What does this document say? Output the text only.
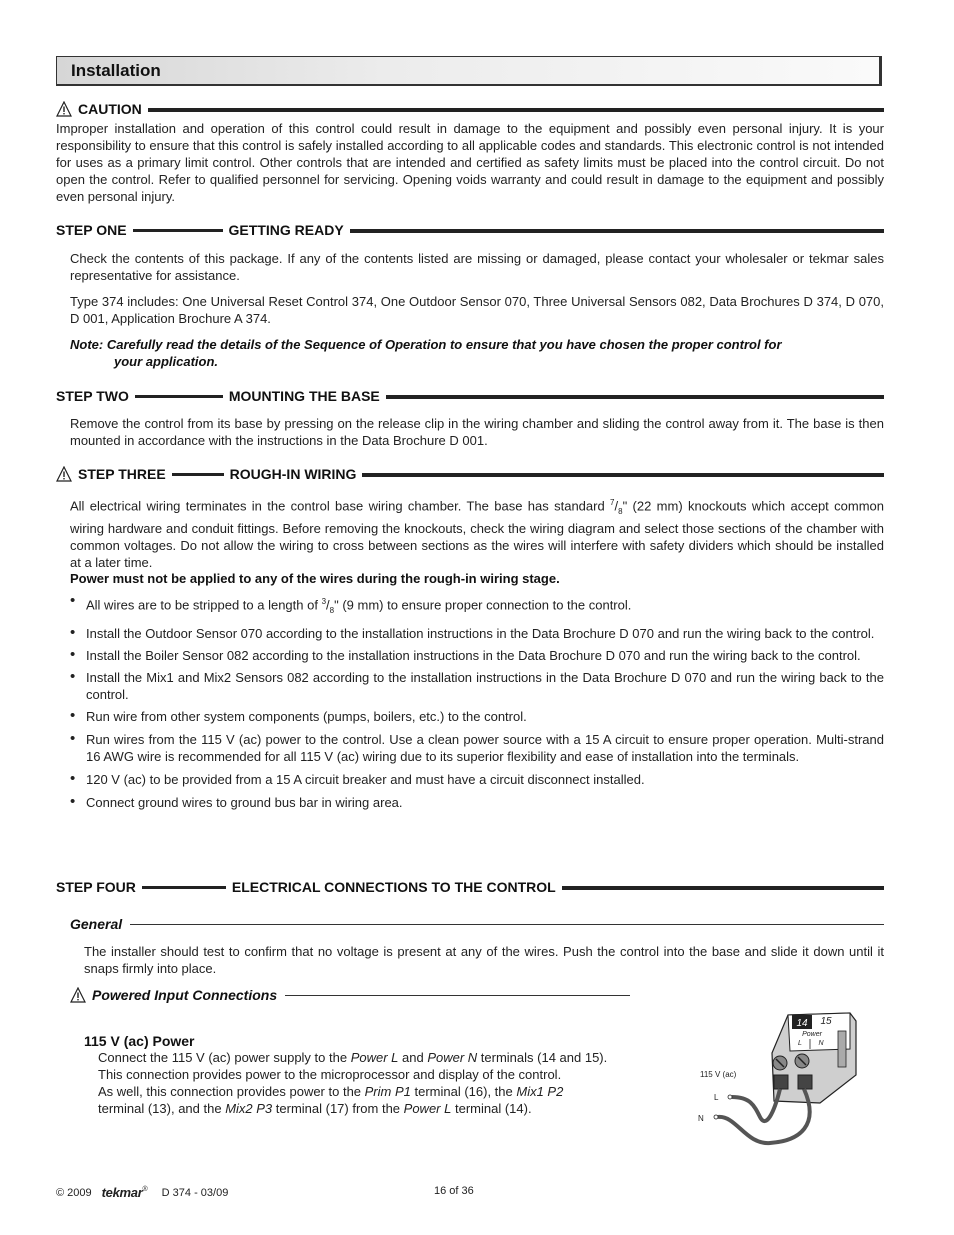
Installation
CAUTION
Improper installation and operation of this control could result in damage to the equipment and possibly even personal injury. It is your responsibility to ensure that this control is safely installed according to all applicable codes and standards. This electronic control is not intended for uses as a primary limit control. Other controls that are intended and certified as safety limits must be placed into the control circuit. Do not open the control. Refer to qualified personnel for servicing. Opening voids warranty and could result in damage to the equipment and possibly even personal injury.
STEP ONE	GETTING READY
Check the contents of this package. If any of the contents listed are missing or damaged, please contact your wholesaler or tekmar sales representative for assistance.
Type 374 includes: One Universal Reset Control 374, One Outdoor Sensor 070, Three Universal Sensors 082, Data Brochures D 374, D 070, D 001, Application Brochure A 374.
Note: Carefully read the details of the Sequence of Operation to ensure that you have chosen the proper control for
your application.
STEP TWO	MOUNTING THE BASE
Remove the control from its base by pressing on the release clip in the wiring chamber and sliding the control away from it. The base is then mounted in accordance with the instructions in the Data Brochure D 001.
STEP THREE	ROUGH-IN WIRING
All electrical wiring terminates in the control base wiring chamber. The base has standard $^7/_8$" (22 mm) knockouts which accept common wiring hardware and conduit fittings. Before removing the knockouts, check the wiring diagram and select those sections of the chamber with common voltages. Do not allow the wiring to cross between sections as the wires will interfere with safety dividers which should be installed at a later time.
Power must not be applied to any of the wires during the rough-in wiring stage.
• All wires are to be stripped to a length of $^3/_8$" (9 mm) to ensure proper connection to the control.
• Install the Outdoor Sensor 070 according to the installation instructions in the Data Brochure D 070 and run the wiring back to the control.
• Install the Boiler Sensor 082 according to the installation instructions in the Data Brochure D 070 and run the wiring back to the control.
• Install the Mix1 and Mix2 Sensors 082 according to the installation instructions in the Data Brochure D 070 and run the wiring back to the control.
• Run wire from other system components (pumps, boilers, etc.) to the control.
• Run wires from the 115 V (ac) power to the control. Use a clean power source with a 15 A circuit to ensure proper operation. Multi-strand 16 AWG wire is recommended for all 115 V (ac) wiring due to its superior flexibility and ease of installation into the terminals.
• 120 V (ac) to be provided from a 15 A circuit breaker and must have a circuit disconnect installed.
• Connect ground wires to ground bus bar in wiring area.
STEP FOUR	ELECTRICAL CONNECTIONS TO THE CONTROL
General
The installer should test to confirm that no voltage is present at any of the wires. Push the control into the base and slide it down until it snaps firmly into place.
Powered Input Connections
115 V (ac) Power
Connect the 115 V (ac) power supply to the Power L and Power N terminals (14 and 15).
This connection provides power to the microprocessor and display of the control.
As well, this connection provides power to the Prim P1 terminal (16), the Mix1 P2
terminal (13), and the Mix2 P3 terminal (17) from the Power L terminal (14).
14 15
Power
L N
115 V (ac)
L
N
© 2009 tekmar ® D 374 - 03/09	16 of 36
